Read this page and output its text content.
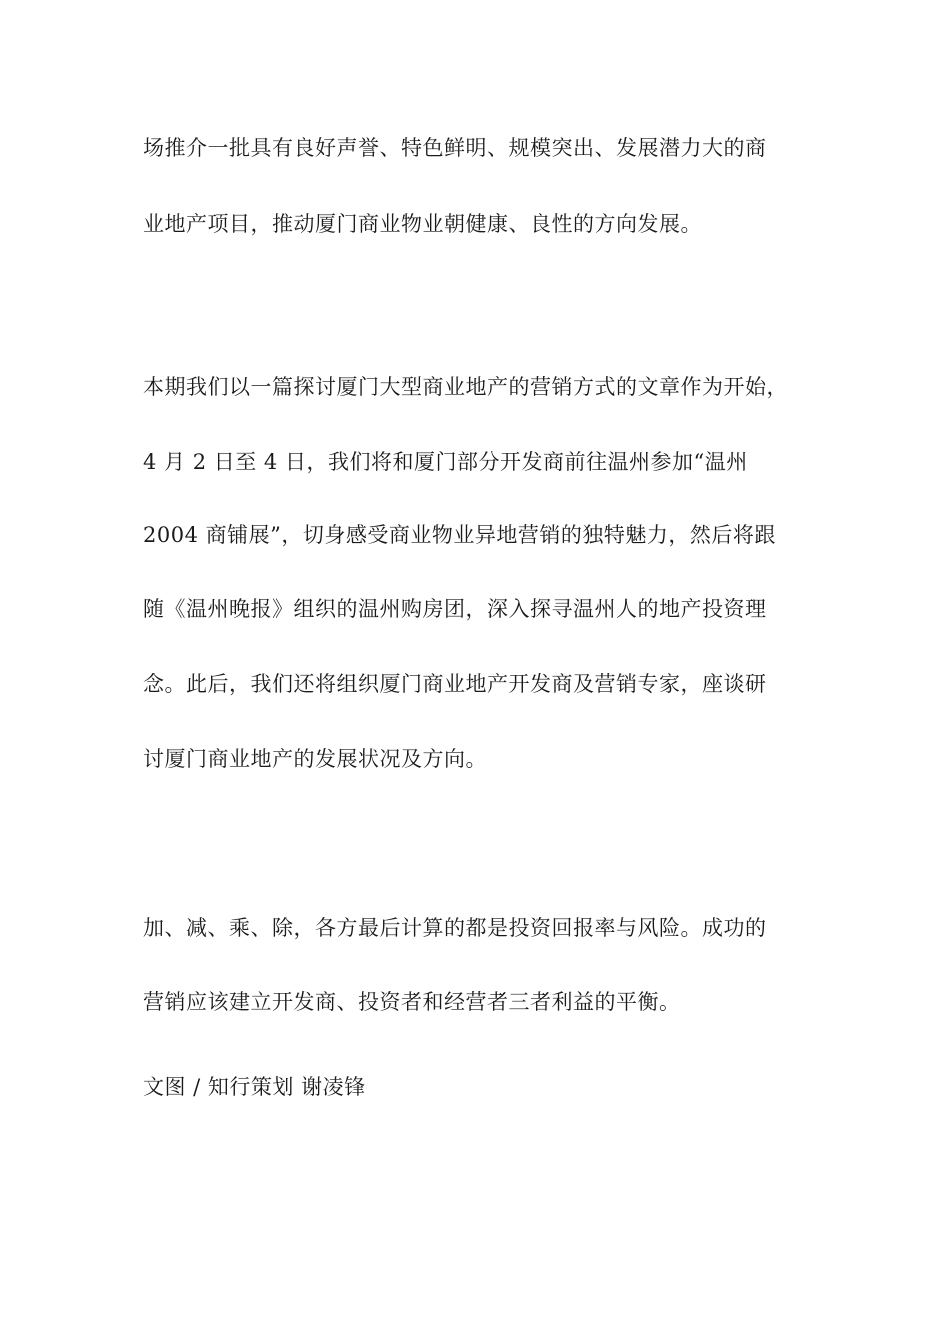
场推介一批具有良好声誉、特色鲜明、规模突出、发展潜力大的商

业地产项目，推动厦门商业物业朝健康、良性的方向发展。

本期我们以一篇探讨厦门大型商业地产的营销方式的文章作为开始，

4 月 2 日至 4 日，我们将和厦门部分开发商前往温州参加“温州

2004 商铺展”，切身感受商业物业异地营销的独特魅力，然后将跟

随《温州晚报》组织的温州购房团，深入探寻温州人的地产投资理

念。此后，我们还将组织厦门商业地产开发商及营销专家，座谈研

讨厦门商业地产的发展状况及方向。

加、减、乘、除，各方最后计算的都是投资回报率与风险。成功的

营销应该建立开发商、投资者和经营者三者利益的平衡。

文图 / 知行策划 谢凌锋
